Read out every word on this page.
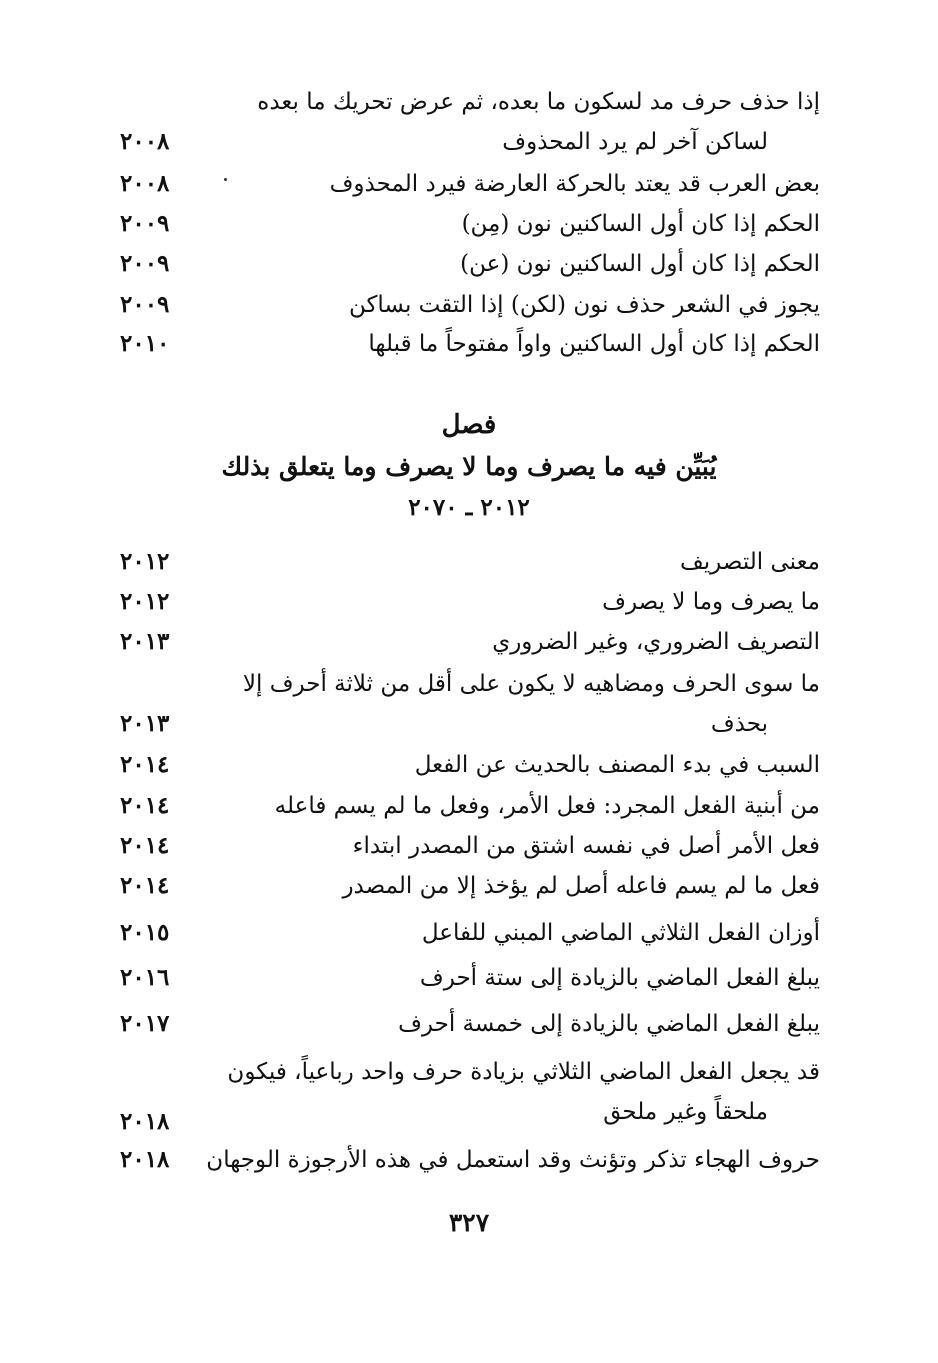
إذا حذف حرف مد لسكون ما بعده، ثم عرض تحريك ما بعده
لساكن آخر لم يرد المحذوف
٢٠٠٨
بعض العرب قد يعتد بالحركة العارضة فيرد المحذوف
٢٠٠٨
الحكم إذا كان أول الساكنين نون (مِن)
٢٠٠٩
الحكم إذا كان أول الساكنين نون (عن)
٢٠٠٩
يجوز في الشعر حذف نون (لكن) إذا التقت بساكن
٢٠٠٩
الحكم إذا كان أول الساكنين واواً مفتوحاً ما قبلها
٢٠١٠
فصل
يُبَيِّن فيه ما يصرف وما لا يصرف وما يتعلق بذلك
٢٠١٢ ـ ٢٠٧٠
معنى التصريف
٢٠١٢
ما يصرف وما لا يصرف
٢٠١٢
التصريف الضروري، وغير الضروري
٢٠١٣
ما سوى الحرف ومضاهيه لا يكون على أقل من ثلاثة أحرف إلا
بحذف
٢٠١٣
السبب في بدء المصنف بالحديث عن الفعل
٢٠١٤
من أبنية الفعل المجرد: فعل الأمر، وفعل ما لم يسم فاعله
٢٠١٤
فعل الأمر أصل في نفسه اشتق من المصدر ابتداء
٢٠١٤
فعل ما لم يسم فاعله أصل لم يؤخذ إلا من المصدر
٢٠١٤
أوزان الفعل الثلاثي الماضي المبني للفاعل
٢٠١٥
يبلغ الفعل الماضي بالزيادة إلى ستة أحرف
٢٠١٦
يبلغ الفعل الماضي بالزيادة إلى خمسة أحرف
٢٠١٧
قد يجعل الفعل الماضي الثلاثي بزيادة حرف واحد رباعياً، فيكون
ملحقاً وغير ملحق
٢٠١٨
حروف الهجاء تذكر وتؤنث وقد استعمل في هذه الأرجوزة الوجهان
٢٠١٨
٣٢٧
